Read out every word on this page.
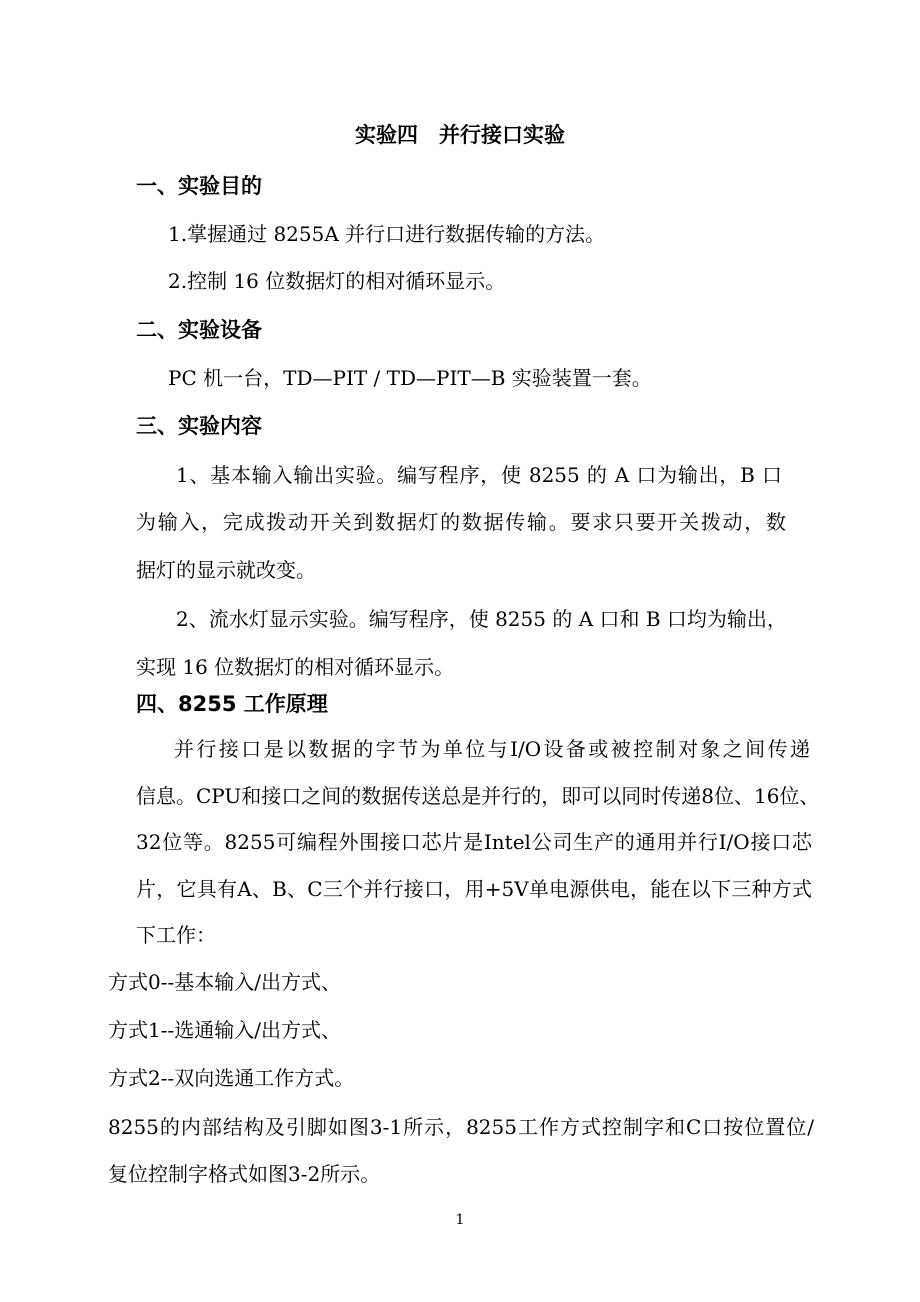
实验四　并行接口实验
一、实验目的
1.掌握通过 8255A 并行口进行数据传输的方法。
2.控制 16 位数据灯的相对循环显示。
二、实验设备
PC 机一台，TD—PIT / TD—PIT—B 实验装置一套。
三、实验内容
1、基本输入输出实验。编写程序，使 8255 的 A 口为输出，B 口
为输入，完成拨动开关到数据灯的数据传输。要求只要开关拨动，数
据灯的显示就改变。
2、流水灯显示实验。编写程序，使 8255 的 A 口和 B 口均为输出，
实现 16 位数据灯的相对循环显示。
四、8255 工作原理
并行接口是以数据的字节为单位与I/O设备或被控制对象之间传递
信息。CPU和接口之间的数据传送总是并行的，即可以同时传递8位、16位、
32位等。8255可编程外围接口芯片是Intel公司生产的通用并行I/O接口芯
片，它具有A、B、C三个并行接口，用+5V单电源供电，能在以下三种方式
下工作：
方式0--基本输入/出方式、
方式1--选通输入/出方式、
方式2--双向选通工作方式。
8255的内部结构及引脚如图3-1所示，8255工作方式控制字和C口按位置位/
复位控制字格式如图3-2所示。
1
